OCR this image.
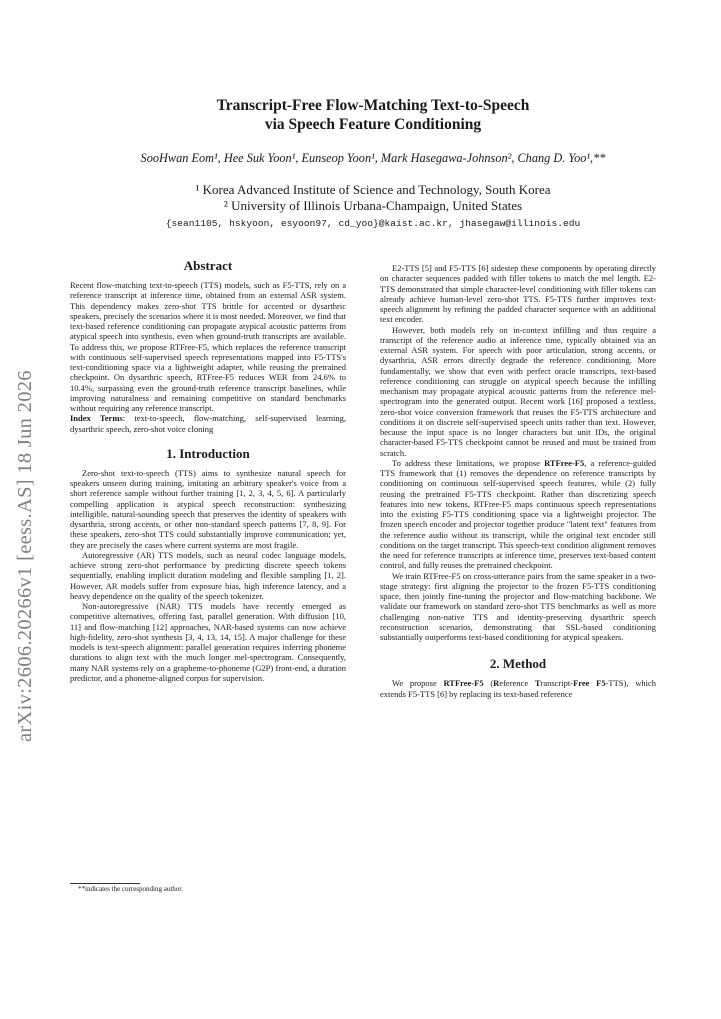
arXiv:2606.20266v1 [eess.AS] 18 Jun 2026
Transcript-Free Flow-Matching Text-to-Speech
via Speech Feature Conditioning
SooHwan Eom¹, Hee Suk Yoon¹, Eunseop Yoon¹, Mark Hasegawa-Johnson², Chang D. Yoo¹,**
¹ Korea Advanced Institute of Science and Technology, South Korea
² University of Illinois Urbana-Champaign, United States
{sean1105, hskyoon, esyoon97, cd_yoo}@kaist.ac.kr, jhasegaw@illinois.edu
Abstract

Recent flow-matching text-to-speech (TTS) models, such as F5-TTS, rely on a reference transcript at inference time, obtained from an external ASR system. This dependency makes zero-shot TTS brittle for accented or dysarthric speakers, precisely the scenarios where it is most needed. Moreover, we find that text-based reference conditioning can propagate atypical acoustic patterns from atypical speech into synthesis, even when ground-truth transcripts are available. To address this, we propose RTFree-F5, which replaces the reference transcript with continuous self-supervised speech representations mapped into F5-TTS's text-conditioning space via a lightweight adapter, while reusing the pretrained checkpoint. On dysarthric speech, RTFree-F5 reduces WER from 24.6% to 10.4%, surpassing even the ground-truth reference transcript baselines, while improving naturalness and remaining competitive on standard benchmarks without requiring any reference transcript.

Index Terms: text-to-speech, flow-matching, self-supervised learning, dysarthric speech, zero-shot voice cloning

1. Introduction

Zero-shot text-to-speech (TTS) aims to synthesize natural speech for speakers unseen during training, imitating an arbitrary speaker's voice from a short reference sample without further training [1, 2, 3, 4, 5, 6]. A particularly compelling application is atypical speech reconstruction: synthesizing intelligible, natural-sounding speech that preserves the identity of speakers with dysarthria, strong accents, or other non-standard speech patterns [7, 8, 9]. For these speakers, zero-shot TTS could substantially improve communication; yet, they are precisely the cases where current systems are most fragile.

Autoregressive (AR) TTS models, such as neural codec language models, achieve strong zero-shot performance by predicting discrete speech tokens sequentially, enabling implicit duration modeling and flexible sampling [1, 2]. However, AR models suffer from exposure bias, high inference latency, and a heavy dependence on the quality of the speech tokenizer.

Non-autoregressive (NAR) TTS models have recently emerged as competitive alternatives, offering fast, parallel generation. With diffusion [10, 11] and flow-matching [12] approaches, NAR-based systems can now achieve high-fidelity, zero-shot synthesis [3, 4, 13, 14, 15]. A major challenge for these models is text-speech alignment: parallel generation requires inferring phoneme durations to align text with the much longer mel-spectrogram. Consequently, many NAR systems rely on a grapheme-to-phoneme (G2P) front-end, a duration predictor, and a phoneme-aligned corpus for supervision.

**indicates the corresponding author.

E2-TTS [5] and F5-TTS [6] sidestep these components by operating directly on character sequences padded with filler tokens to match the mel length. E2-TTS demonstrated that simple character-level conditioning with filler tokens can already achieve human-level zero-shot TTS. F5-TTS further improves text-speech alignment by refining the padded character sequence with an additional text encoder.

However, both models rely on in-context infilling and thus require a transcript of the reference audio at inference time, typically obtained via an external ASR system. For speech with poor articulation, strong accents, or dysarthria, ASR errors directly degrade the reference conditioning. More fundamentally, we show that even with perfect oracle transcripts, text-based reference conditioning can struggle on atypical speech because the infilling mechanism may propagate atypical acoustic patterns from the reference mel-spectrogram into the generated output. Recent work [16] proposed a textless, zero-shot voice conversion framework that reuses the F5-TTS architecture and conditions it on discrete self-supervised speech units rather than text. However, because the input space is no longer characters but unit IDs, the original character-based F5-TTS checkpoint cannot be reused and must be trained from scratch.

To address these limitations, we propose RTFree-F5, a reference-guided TTS framework that (1) removes the dependence on reference transcripts by conditioning on continuous self-supervised speech features, while (2) fully reusing the pretrained F5-TTS checkpoint. Rather than discretizing speech features into new tokens, RTFree-F5 maps continuous speech representations into the existing F5-TTS conditioning space via a lightweight projector. The frozen speech encoder and projector together produce "latent text" features from the reference audio without its transcript, while the original text encoder still conditions on the target transcript. This speech-text condition alignment removes the need for reference transcripts at inference time, preserves text-based content control, and fully reuses the pretrained checkpoint.

We train RTFree-F5 on cross-utterance pairs from the same speaker in a two-stage strategy: first aligning the projector to the frozen F5-TTS conditioning space, then jointly fine-tuning the projector and flow-matching backbone. We validate our framework on standard zero-shot TTS benchmarks as well as more challenging non-native TTS and identity-preserving dysarthric speech reconstruction scenarios, demonstrating that SSL-based conditioning substantially outperforms text-based conditioning for atypical speakers.

2. Method

We propose RTFree-F5 (Reference Transcript-Free F5-TTS), which extends F5-TTS [6] by replacing its text-based reference
